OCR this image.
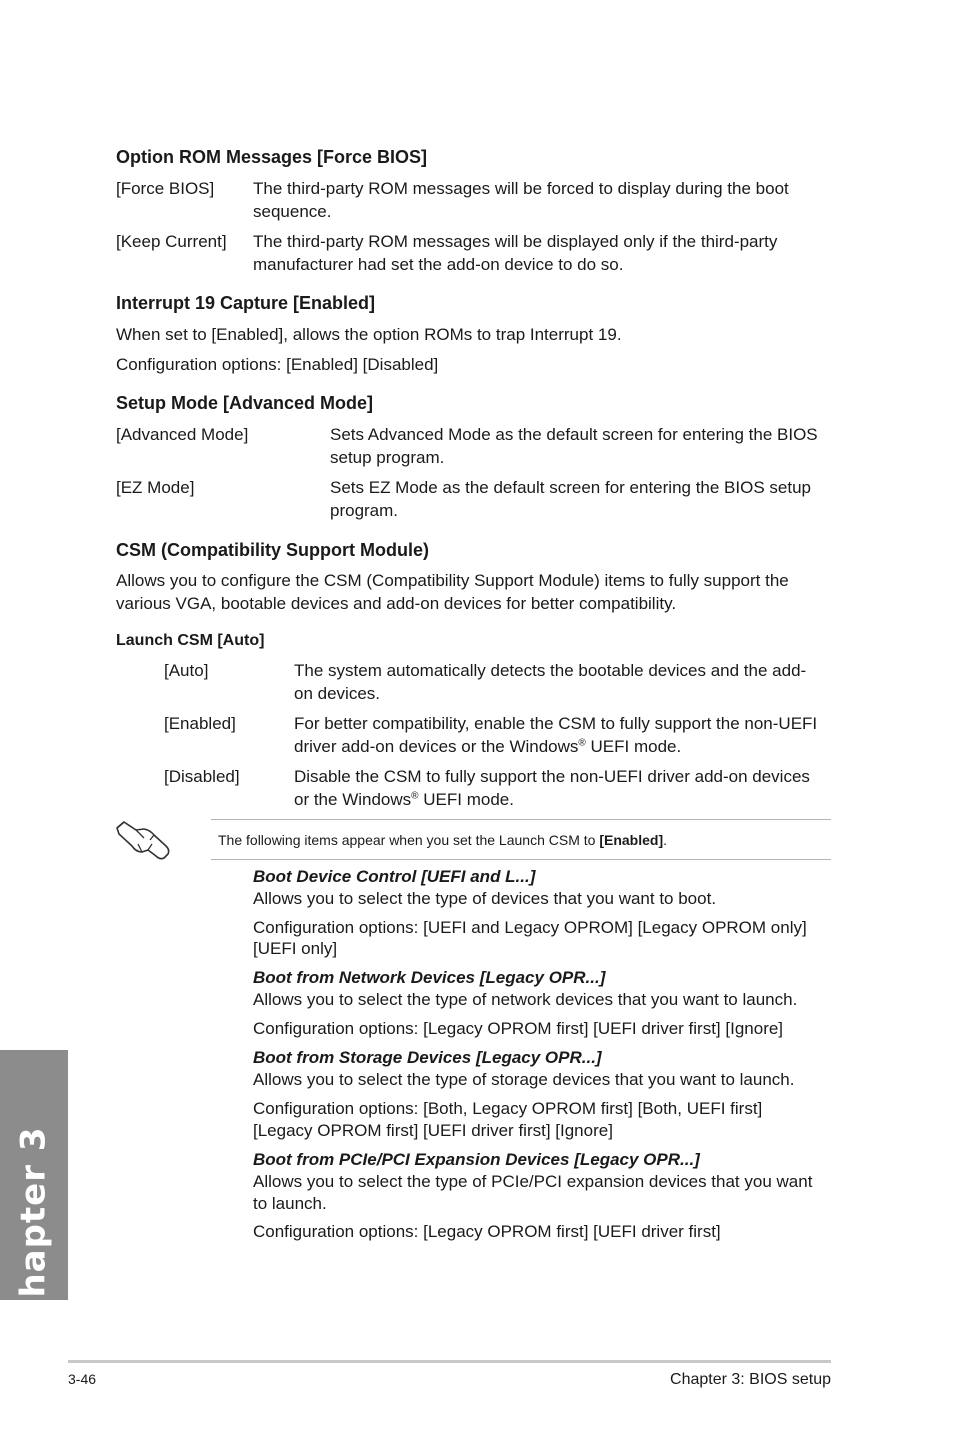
Option ROM Messages [Force BIOS]
[Force BIOS] The third-party ROM messages will be forced to display during the boot
sequence.
[Keep Current] The third-party ROM messages will be displayed only if the third-party
manufacturer had set the add-on device to do so.
Interrupt 19 Capture [Enabled]
When set to [Enabled], allows the option ROMs to trap Interrupt 19.
Configuration options: [Enabled] [Disabled]
Setup Mode [Advanced Mode]
[Advanced Mode]	Sets Advanced Mode as the default screen for entering the BIOS
setup program.
[EZ Mode]	Sets EZ Mode as the default screen for entering the BIOS setup
program.
CSM (Compatibility Support Module)
Allows you to configure the CSM (Compatibility Support Module) items to fully support the
various VGA, bootable devices and add-on devices for better compatibility.
Launch CSM [Auto]
[Auto]	The system automatically detects the bootable devices and the add-
on devices.
[Enabled]	For better compatibility, enable the CSM to fully support the non-UEFI
driver add-on devices or the Windows® UEFI mode.
[Disabled]	Disable the CSM to fully support the non-UEFI driver add-on devices
or the Windows® UEFI mode.
The following items appear when you set the Launch CSM to [Enabled].
Boot Device Control [UEFI and L...]
Allows you to select the type of devices that you want to boot.
Configuration options: [UEFI and Legacy OPROM] [Legacy OPROM only]
[UEFI only]
Boot from Network Devices [Legacy OPR...]
Allows you to select the type of network devices that you want to launch.
Configuration options: [Legacy OPROM first] [UEFI driver first] [Ignore]
Boot from Storage Devices [Legacy OPR...]
Allows you to select the type of storage devices that you want to launch.
Configuration options: [Both, Legacy OPROM first] [Both, UEFI first]
[Legacy OPROM first] [UEFI driver first] [Ignore]
Boot from PCIe/PCI Expansion Devices [Legacy OPR...]
Allows you to select the type of PCIe/PCI expansion devices that you want
to launch.
Configuration options: [Legacy OPROM first] [UEFI driver first]
Chapter 3
3-46	Chapter 3: BIOS setup
